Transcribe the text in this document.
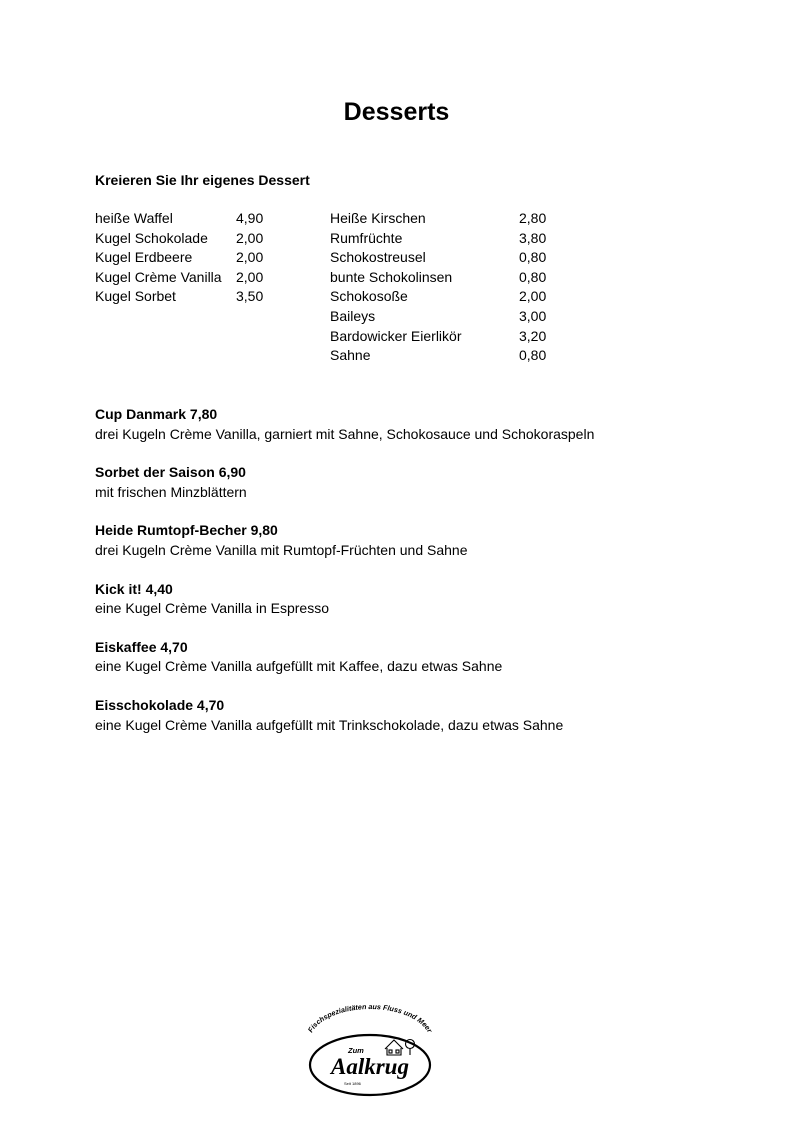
Desserts
Kreieren Sie Ihr eigenes Dessert
heiße Waffel	4,90
Kugel Schokolade	2,00
Kugel Erdbeere	2,00
Kugel Crème Vanilla	2,00
Kugel Sorbet	3,50
Heiße Kirschen	2,80
Rumfrüchte	3,80
Schokostreusel	0,80
bunte Schokolinsen	0,80
Schokosoße	2,00
Baileys	3,00
Bardowicker Eierlikör	3,20
Sahne	0,80
Cup Danmark 7,80
drei Kugeln Crème Vanilla, garniert mit Sahne, Schokosauce und Schokoraspeln
Sorbet der Saison 6,90
mit frischen Minzblättern
Heide Rumtopf-Becher 9,80
drei Kugeln Crème Vanilla mit Rumtopf-Früchten und Sahne
Kick it! 4,40
eine Kugel Crème Vanilla in Espresso
Eiskaffee 4,70
eine Kugel Crème Vanilla aufgefüllt mit Kaffee, dazu etwas Sahne
Eisschokolade 4,70
eine Kugel Crème Vanilla aufgefüllt mit Trinkschokolade, dazu etwas Sahne
Fischspezialitäten aus Fluss und Meer
Zum
Aalkrug
Seit 1896
